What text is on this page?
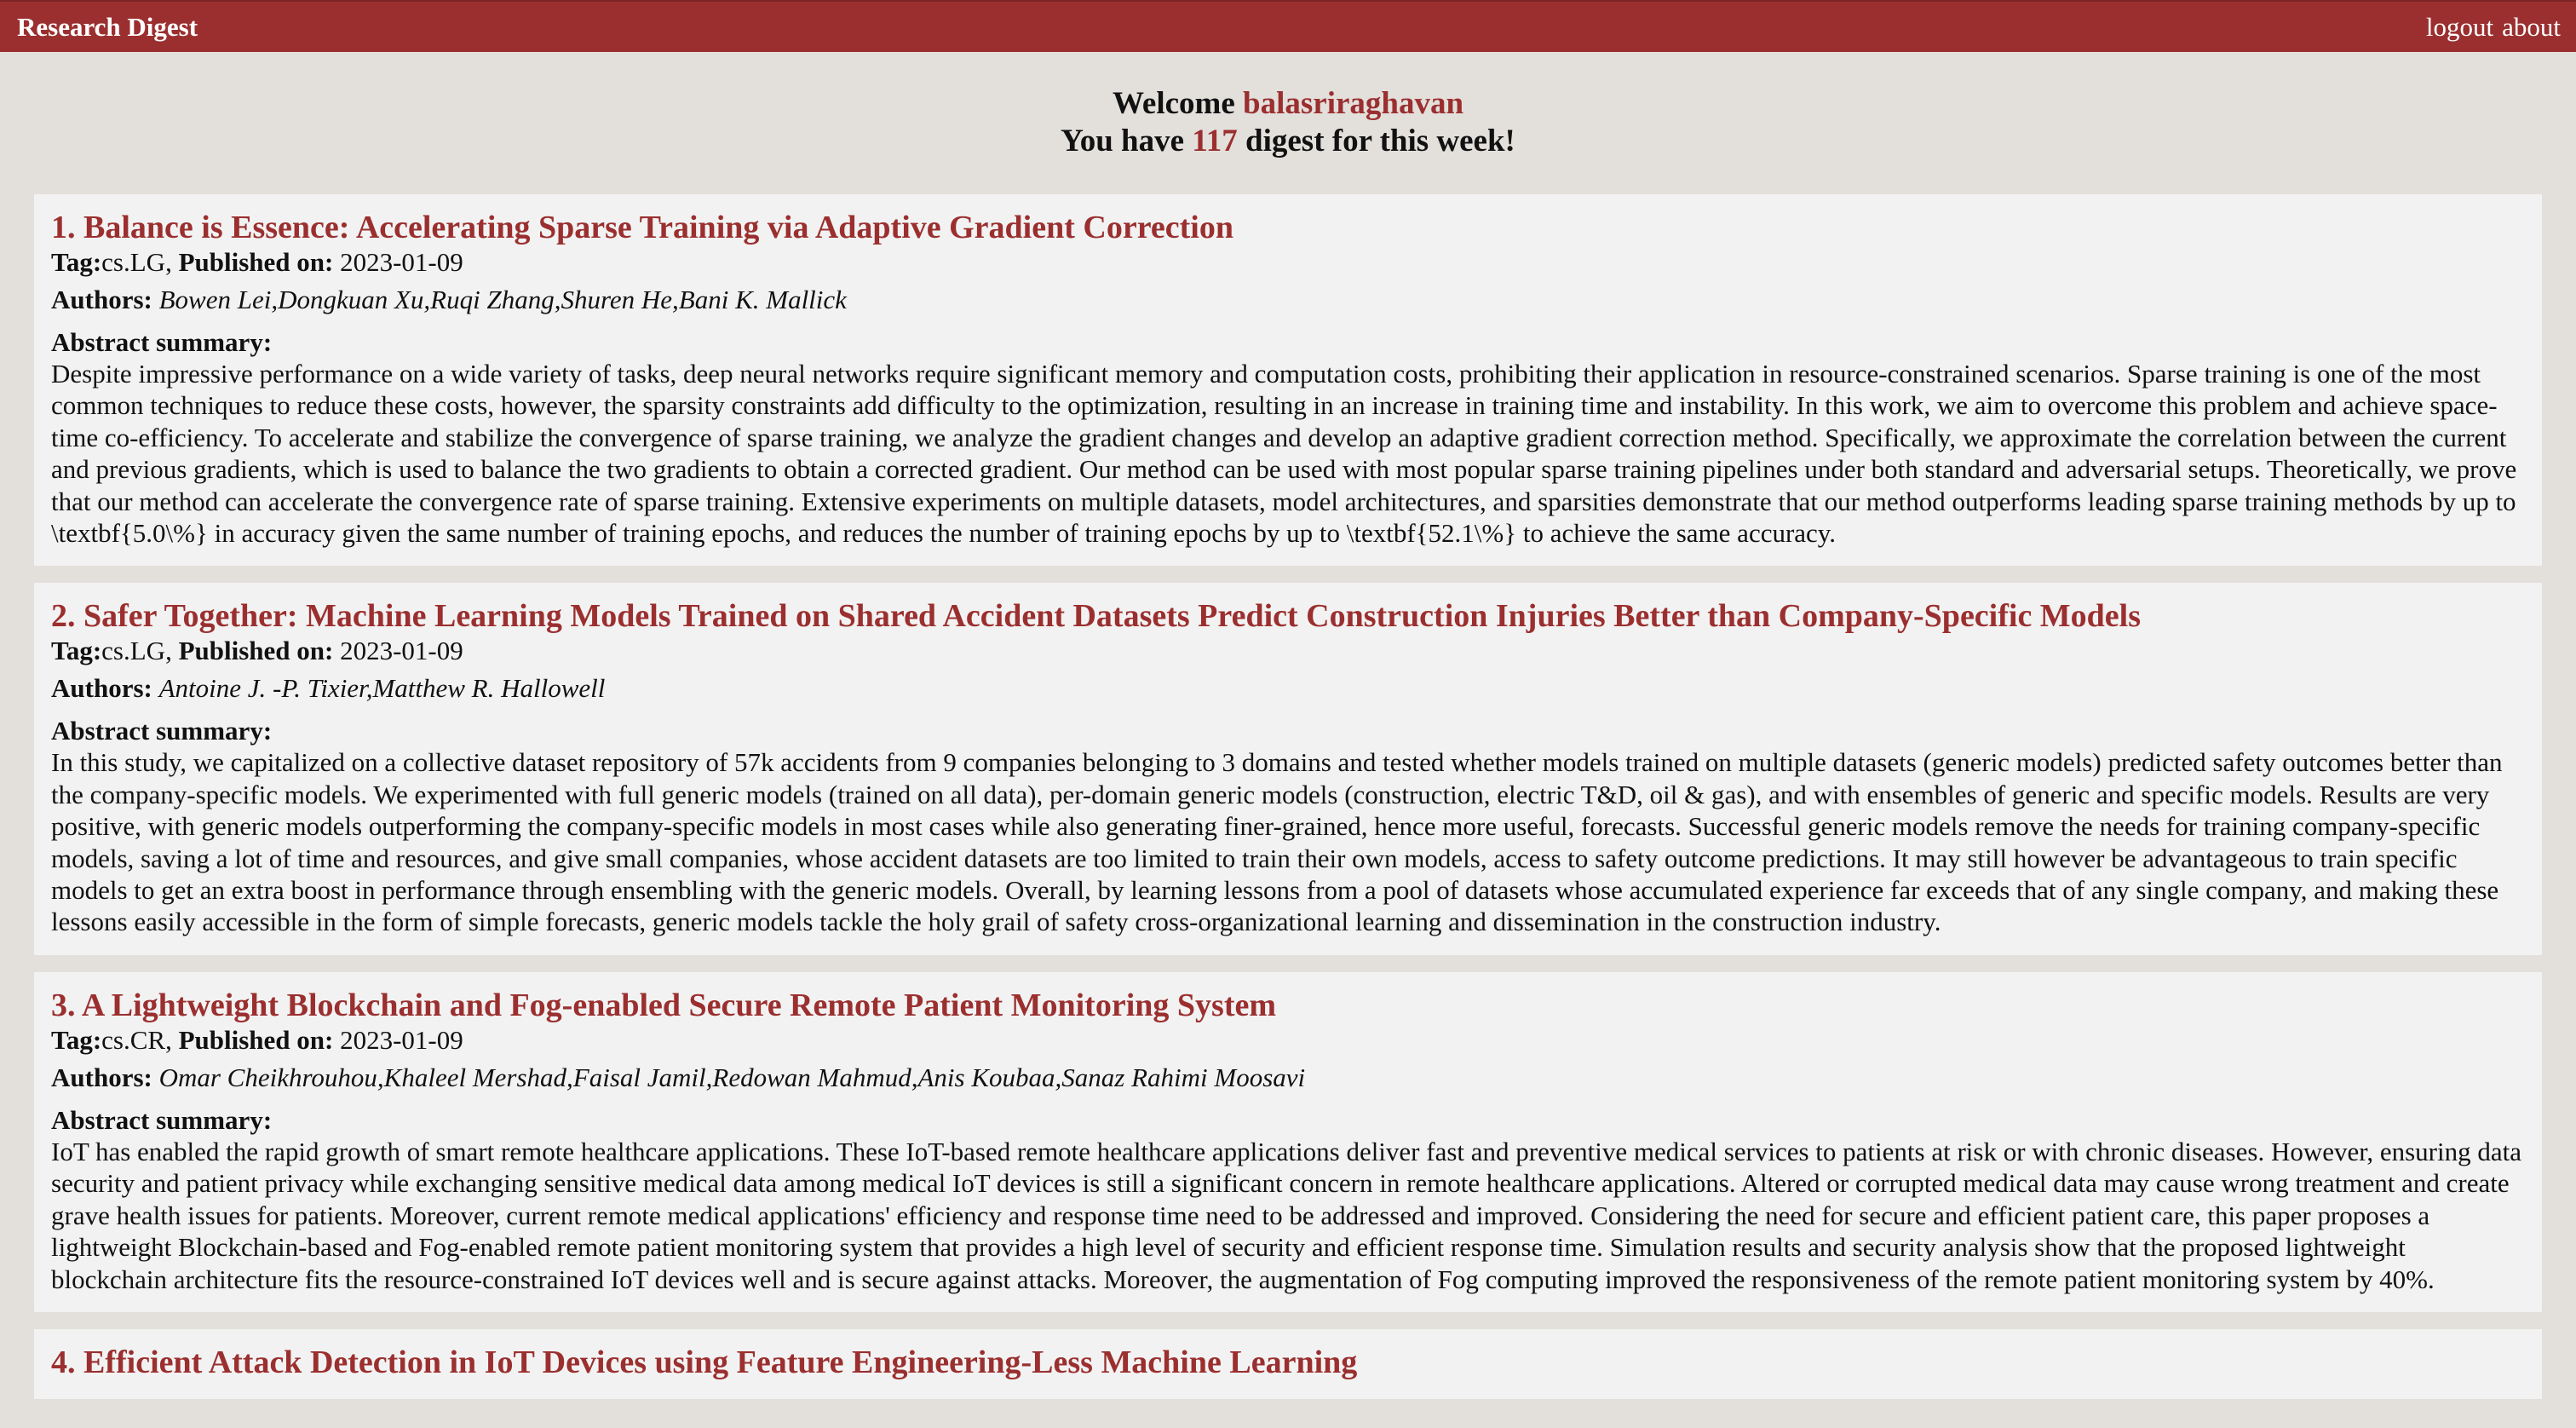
Research Digest	logout about
Welcome balasriraghavan
You have 117 digest for this week!
1. Balance is Essence: Accelerating Sparse Training via Adaptive Gradient Correction
Tag:cs.LG, Published on: 2023-01-09
Authors: Bowen Lei,Dongkuan Xu,Ruqi Zhang,Shuren He,Bani K. Mallick
Abstract summary:
Despite impressive performance on a wide variety of tasks, deep neural networks require significant memory and computation costs, prohibiting their application in resource-constrained scenarios. Sparse training is one of the most common techniques to reduce these costs, however, the sparsity constraints add difficulty to the optimization, resulting in an increase in training time and instability. In this work, we aim to overcome this problem and achieve space-time co-efficiency. To accelerate and stabilize the convergence of sparse training, we analyze the gradient changes and develop an adaptive gradient correction method. Specifically, we approximate the correlation between the current and previous gradients, which is used to balance the two gradients to obtain a corrected gradient. Our method can be used with most popular sparse training pipelines under both standard and adversarial setups. Theoretically, we prove that our method can accelerate the convergence rate of sparse training. Extensive experiments on multiple datasets, model architectures, and sparsities demonstrate that our method outperforms leading sparse training methods by up to \textbf{5.0\%} in accuracy given the same number of training epochs, and reduces the number of training epochs by up to \textbf{52.1\%} to achieve the same accuracy.
2. Safer Together: Machine Learning Models Trained on Shared Accident Datasets Predict Construction Injuries Better than Company-Specific Models
Tag:cs.LG, Published on: 2023-01-09
Authors: Antoine J. -P. Tixier,Matthew R. Hallowell
Abstract summary:
In this study, we capitalized on a collective dataset repository of 57k accidents from 9 companies belonging to 3 domains and tested whether models trained on multiple datasets (generic models) predicted safety outcomes better than the company-specific models. We experimented with full generic models (trained on all data), per-domain generic models (construction, electric T&D, oil & gas), and with ensembles of generic and specific models. Results are very positive, with generic models outperforming the company-specific models in most cases while also generating finer-grained, hence more useful, forecasts. Successful generic models remove the needs for training company-specific models, saving a lot of time and resources, and give small companies, whose accident datasets are too limited to train their own models, access to safety outcome predictions. It may still however be advantageous to train specific models to get an extra boost in performance through ensembling with the generic models. Overall, by learning lessons from a pool of datasets whose accumulated experience far exceeds that of any single company, and making these lessons easily accessible in the form of simple forecasts, generic models tackle the holy grail of safety cross-organizational learning and dissemination in the construction industry.
3. A Lightweight Blockchain and Fog-enabled Secure Remote Patient Monitoring System
Tag:cs.CR, Published on: 2023-01-09
Authors: Omar Cheikhrouhou,Khaleel Mershad,Faisal Jamil,Redowan Mahmud,Anis Koubaa,Sanaz Rahimi Moosavi
Abstract summary:
IoT has enabled the rapid growth of smart remote healthcare applications. These IoT-based remote healthcare applications deliver fast and preventive medical services to patients at risk or with chronic diseases. However, ensuring data security and patient privacy while exchanging sensitive medical data among medical IoT devices is still a significant concern in remote healthcare applications. Altered or corrupted medical data may cause wrong treatment and create grave health issues for patients. Moreover, current remote medical applications' efficiency and response time need to be addressed and improved. Considering the need for secure and efficient patient care, this paper proposes a lightweight Blockchain-based and Fog-enabled remote patient monitoring system that provides a high level of security and efficient response time. Simulation results and security analysis show that the proposed lightweight blockchain architecture fits the resource-constrained IoT devices well and is secure against attacks. Moreover, the augmentation of Fog computing improved the responsiveness of the remote patient monitoring system by 40%.
4. Efficient Attack Detection in IoT Devices using Feature Engineering-Less Machine Learning
